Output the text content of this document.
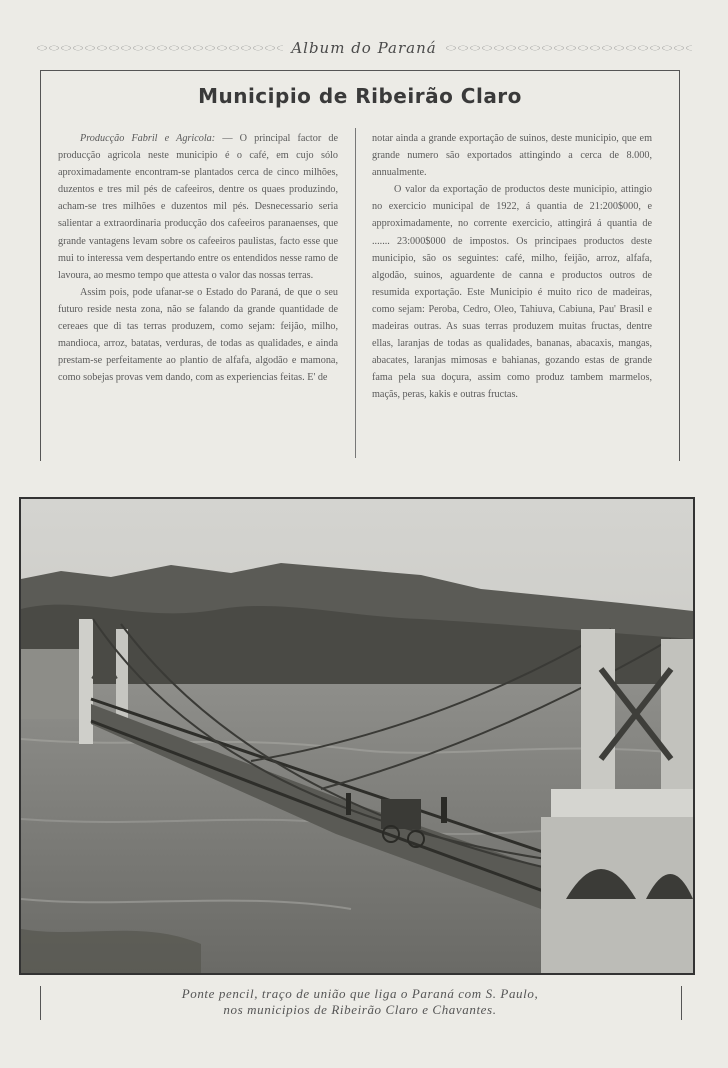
Album do Paraná
Municipio de Ribeirão Claro

Producção Fabril e Agricola: — O principal factor de producção agricola neste municipio é o café, em cujo sólo aproximadamente encontram-se plantados cerca de cinco milhões, duzentos e tres mil pés de cafeeiros, dentre os quaes produzindo, acham-se tres milhões e duzentos mil pés. Desnecessario seria salientar a extraordinaria producção dos cafeeiros paranaenses, que grande vantagens levam sobre os cafeeiros paulistas, facto esse que mui to interessa vem despertando entre os entendidos nesse ramo de lavoura, ao mesmo tempo que attesta o valor das nossas terras.

Assim pois, pode ufanar-se o Estado do Paraná, de que o seu futuro reside nesta zona, não se falando da grande quantidade de cereaes que di tas terras produzem, como sejam: feijão, milho, mandioca, arroz, batatas, verduras, de todas as qualidades, e ainda prestam-se perfeitamente ao plantio de alfafa, algodão e mamona, como sobejas provas vem dando, com as experiencias feitas. E' de

notar ainda a grande exportação de suinos, deste municipio, que em grande numero são exportados attingindo a cerca de 8.000, annualmente.

O valor da exportação de productos deste municipio, attingio no exercicio municipal de 1922, á quantia de 21:200$000, e approximadamente, no corrente exercicio, attingirá á quantia de ....... 23:000$000 de impostos. Os principaes productos deste municipio, são os seguintes: café, milho, feijão, arroz, alfafa, algodão, suinos, aguardente de canna e productos outros de resumida exportação. Este Municipio é muito rico de madeiras, como sejam: Peroba, Cedro, Oleo, Tahiuva, Cabiuna, Pau' Brasil e madeiras outras. As suas terras produzem muitas fructas, dentre ellas, laranjas de todas as qualidades, bananas, abacaxis, mangas, abacates, laranjas mimosas e bahianas, gozando estas de grande fama pela sua doçura, assim como produz tambem marmelos, maçãs, peras, kakis e outras fructas.

Ponte pencil, traço de união que liga o Paraná com S. Paulo,
nos municipios de Ribeirão Claro e Chavantes.
